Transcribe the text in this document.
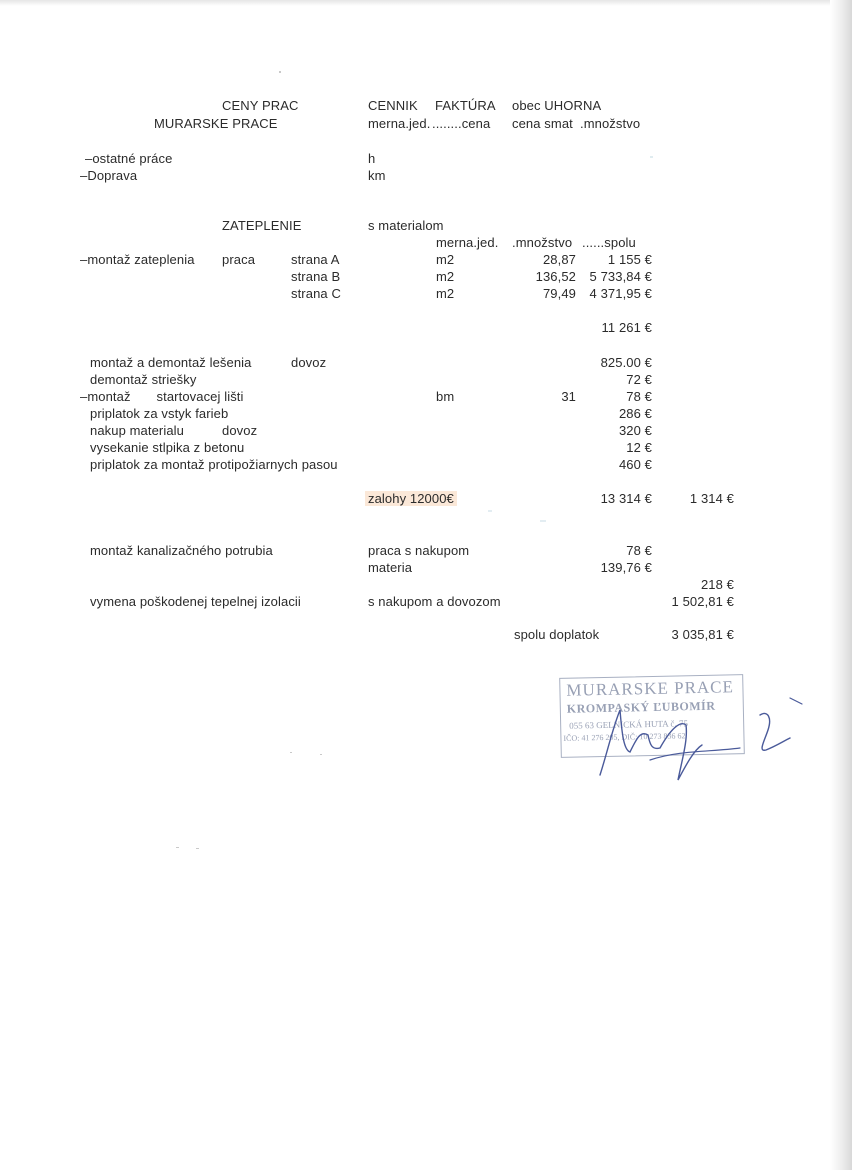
CENY PRAC
MURARSKE PRACE
CENNIK FAKTÚRA obec UHORNA
merna.jed. ........cena cena smat .množstvo
–ostatné práce	h
–Doprava	km
ZATEPLENIE	s materialom
merna.jed. .množstvo ......spolu
–montaž zateplenia praca	strana A	m2	28,87	1 155 €
strana B	m2	136,52	5 733,84 €
strana C	m2	79,49	4 371,95 €
11 261 €
montaž a demontaž lešenia	dovoz	825.00 €
demontaž striešky	72 €
–montaž       startovacej lišti	bm	31	78 €
priplatok za vstyk farieb	286 €
nakup materialu	dovoz	320 €
vysekanie stlpika z betonu	12 €
priplatok za montaž protipožiarnych pasou	460 €
zalohy 12000€	13 314 €	1 314 €
montaž kanalizačného potrubia	praca s nakupom	78 €
materia	139,76 €
218 €
vymena poškodenej tepelnej izolacii	s nakupom a dovozom	1 502,81 €
spolu doplatok	3 035,81 €
MURARSKE PRACE
KROMPASKÝ ĽUBOMÍR
055 63 GELNICKÁ HUTA č. 75
IČO: 41 276 205, DIČ: 10 273 836 62
